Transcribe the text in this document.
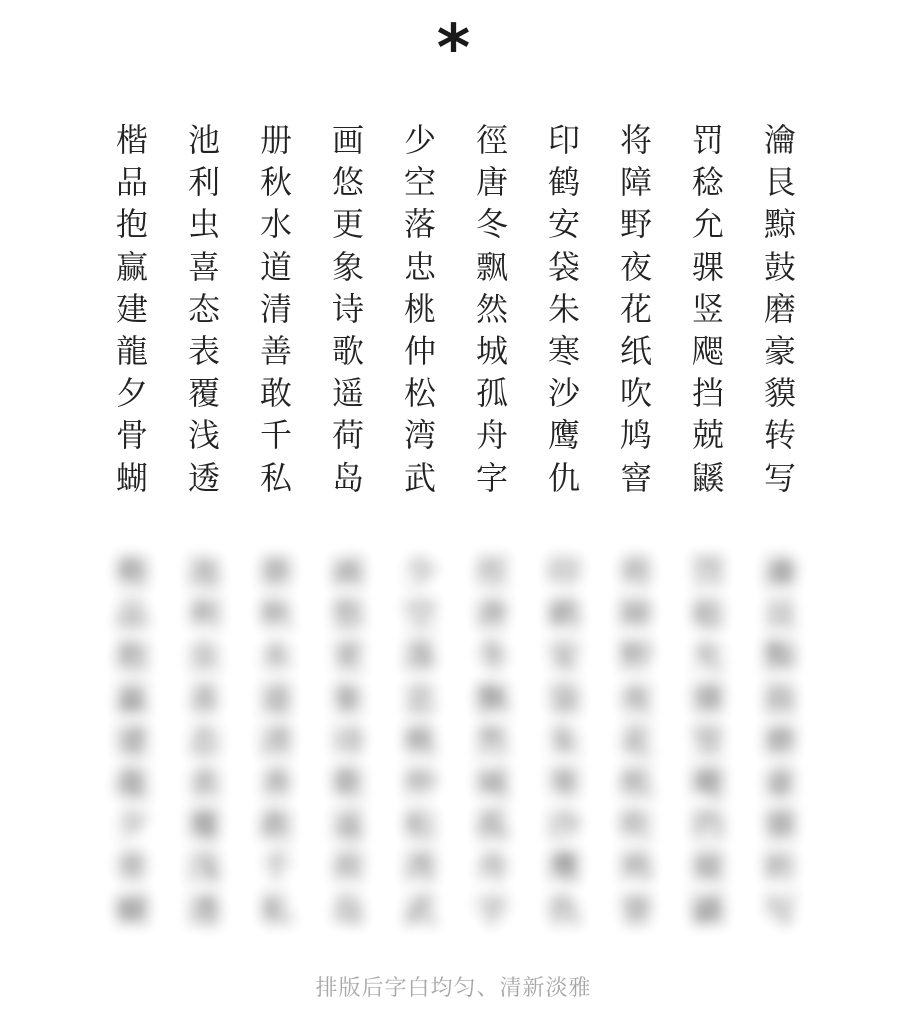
*
楷	池	册	画	少	徑	印	将	罚	瀹
品	利	秋	悠	空	唐	鹤	障	稔	艮
抱	虫	水	更	落	冬	安	野	允	黥
赢	喜	道	象	忠	飘	袋	夜	骒	鼓
建	态	清	诗	桃	然	朱	花	竖	磨
龍	表	善	歌	仲	城	寒	纸	飔	豪
夕	覆	敢	遥	松	孤	沙	吹	挡	貘
骨	浅	千	荷	湾	舟	鹰	鸠	兢	转
蝴	透	私	岛	武	字	仇	窨	鼷	写
楷	池	册	画	少	徑	印	将	罚	瀹
品	利	秋	悠	空	唐	鹤	障	稔	艮
抱	虫	水	更	落	冬	安	野	允	黥
赢	喜	道	象	忠	飘	袋	夜	骒	鼓
建	态	清	诗	桃	然	朱	花	竖	磨
龍	表	善	歌	仲	城	寒	纸	飔	豪
夕	覆	敢	遥	松	孤	沙	吹	挡	貘
骨	浅	千	荷	湾	舟	鹰	鸠	兢	转
蝴	透	私	岛	武	字	仇	窨	鼷	写
排版后字白均匀、清新淡雅
